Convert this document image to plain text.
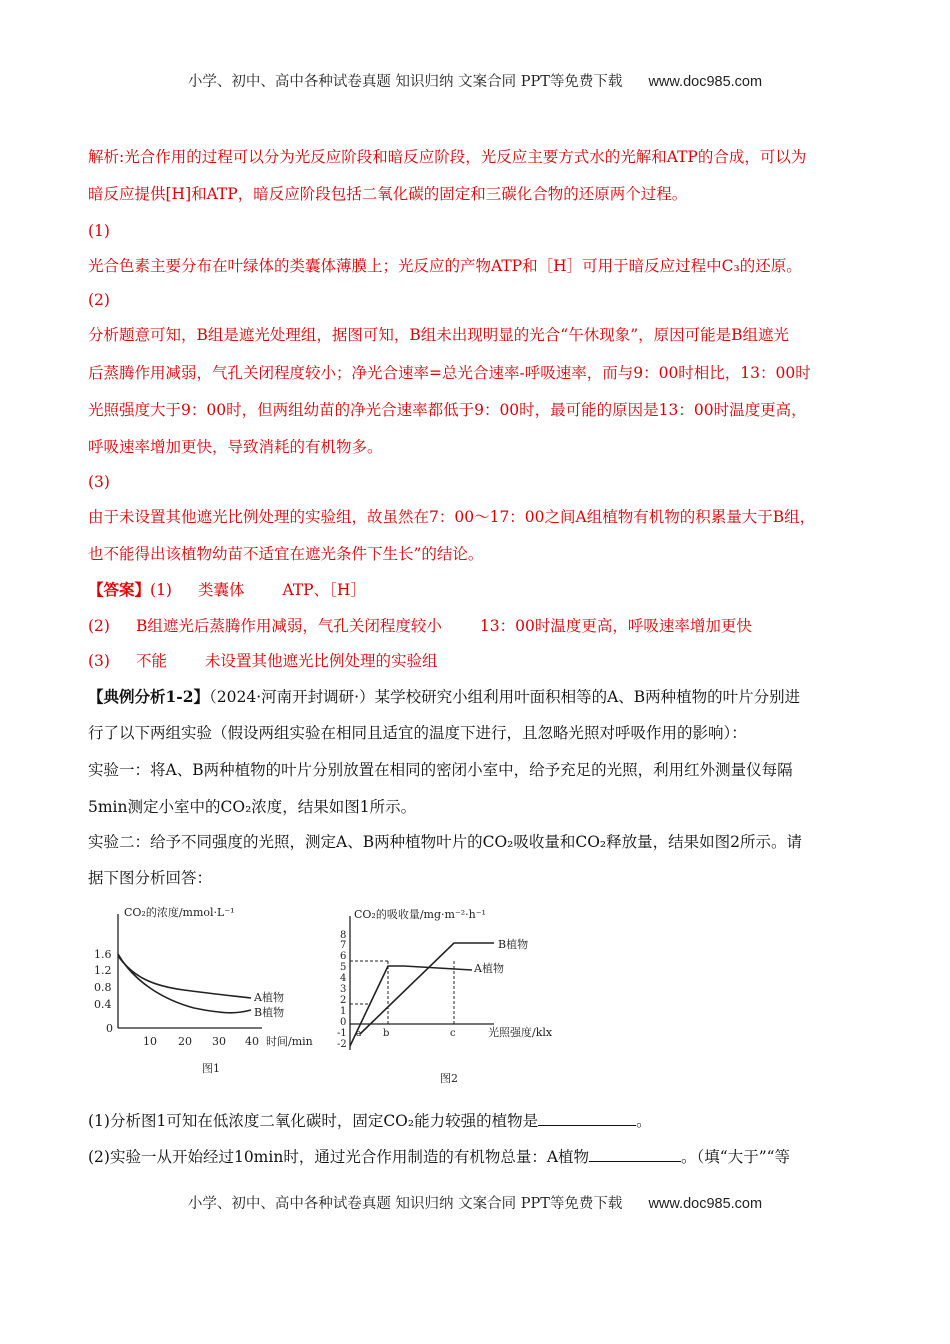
小学、初中、高中各种试卷真题 知识归纳 文案合同 PPT等免费下载 www.doc985.com
解析:光合作用的过程可以分为光反应阶段和暗反应阶段，光反应主要方式水的光解和ATP的合成，可以为
暗反应提供[H]和ATP，暗反应阶段包括二氧化碳的固定和三碳化合物的还原两个过程。
(1)
光合色素主要分布在叶绿体的类囊体薄膜上；光反应的产物ATP和［H］可用于暗反应过程中C₃的还原。
(2)
分析题意可知，B组是遮光处理组，据图可知，B组未出现明显的光合“午休现象”，原因可能是B组遮光
后蒸腾作用减弱，气孔关闭程度较小；净光合速率=总光合速率-呼吸速率，而与9：00时相比，13：00时
光照强度大于9：00时，但两组幼苗的净光合速率都低于9：00时，最可能的原因是13：00时温度更高，
呼吸速率增加更快，导致消耗的有机物多。
(3)
由于未设置其他遮光比例处理的实验组，故虽然在7：00～17：00之间A组植物有机物的积累量大于B组，
也不能得出该植物幼苗不适宜在遮光条件下生长”的结论。
【答案】(1) 类囊体 ATP、［H］
(2) B组遮光后蒸腾作用减弱，气孔关闭程度较小 13：00时温度更高，呼吸速率增加更快
(3) 不能 未设置其他遮光比例处理的实验组
【典例分析1-2】（2024·河南开封调研·）某学校研究小组利用叶面积相等的A、B两种植物的叶片分别进
行了以下两组实验（假设两组实验在相同且适宜的温度下进行，且忽略光照对呼吸作用的影响）：
实验一：将A、B两种植物的叶片分别放置在相同的密闭小室中，给予充足的光照，利用红外测量仪每隔
5min测定小室中的CO₂浓度，结果如图1所示。
实验二：给予不同强度的光照，测定A、B两种植物叶片的CO₂吸收量和CO₂释放量，结果如图2所示。请
据下图分析回答：
CO₂的浓度/mmol·L⁻¹
1.6
1.2
0.8
0.4
0
10 20 30 40 时间/min
A植物
B植物
图1
CO₂的吸收量/mg·m⁻²·h⁻¹
8
7
6
5
4
3
2
1
0
-1
-2
a b	c	光照强度/klx
B植物
A植物
图2
(1)分析图1可知在低浓度二氧化碳时，固定CO₂能力较强的植物是	。
(2)实验一从开始经过10min时，通过光合作用制造的有机物总量：A植物	。（填“大于”“等
小学、初中、高中各种试卷真题 知识归纳 文案合同 PPT等免费下载 www.doc985.com
